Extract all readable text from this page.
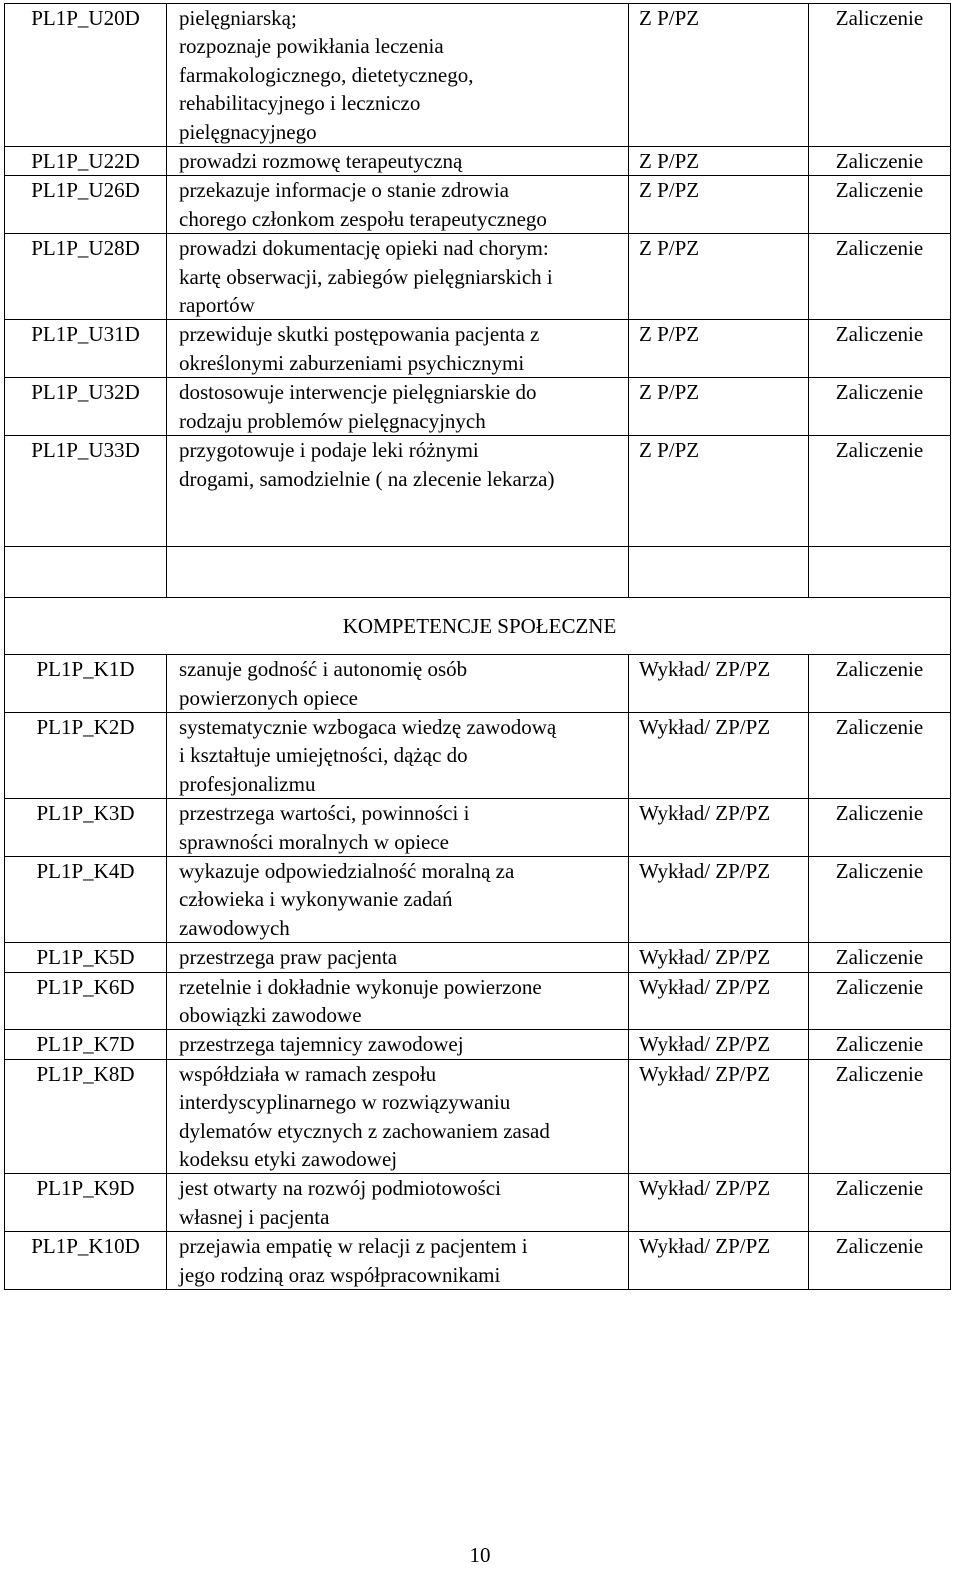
PL1P_U20D	pielęgniarską;
rozpoznaje powikłania leczenia
farmakologicznego, dietetycznego,
rehabilitacyjnego i leczniczo
pielęgnacyjnego	Z P/PZ	Zaliczenie
PL1P_U22D	prowadzi rozmowę terapeutyczną	Z P/PZ	Zaliczenie
PL1P_U26D	przekazuje informacje o stanie zdrowia
chorego członkom zespołu terapeutycznego	Z P/PZ	Zaliczenie
PL1P_U28D	prowadzi dokumentację opieki nad chorym:
kartę obserwacji, zabiegów pielęgniarskich i
raportów	Z P/PZ	Zaliczenie
PL1P_U31D	przewiduje skutki postępowania pacjenta z
określonymi zaburzeniami psychicznymi	Z P/PZ	Zaliczenie
PL1P_U32D	dostosowuje interwencje pielęgniarskie do
rodzaju problemów pielęgnacyjnych	Z P/PZ	Zaliczenie
PL1P_U33D	przygotowuje i podaje leki różnymi
drogami, samodzielnie ( na zlecenie lekarza)	Z P/PZ	Zaliczenie

KOMPETENCJE SPOŁECZNE			
PL1P_K1D	szanuje godność i autonomię osób
powierzonych opiece	Wykład/ ZP/PZ	Zaliczenie
PL1P_K2D	systematycznie wzbogaca wiedzę zawodową
i kształtuje umiejętności, dążąc do
profesjonalizmu	Wykład/ ZP/PZ	Zaliczenie
PL1P_K3D	przestrzega wartości, powinności i
sprawności moralnych w opiece	Wykład/ ZP/PZ	Zaliczenie
PL1P_K4D	wykazuje odpowiedzialność moralną za
człowieka i wykonywanie zadań
zawodowych	Wykład/ ZP/PZ	Zaliczenie
PL1P_K5D	przestrzega praw pacjenta	Wykład/ ZP/PZ	Zaliczenie
PL1P_K6D	rzetelnie i dokładnie wykonuje powierzone
obowiązki zawodowe	Wykład/ ZP/PZ	Zaliczenie
PL1P_K7D	przestrzega tajemnicy zawodowej	Wykład/ ZP/PZ	Zaliczenie
PL1P_K8D	współdziała w ramach zespołu
interdyscyplinarnego w rozwiązywaniu
dylematów etycznych z zachowaniem zasad
kodeksu etyki zawodowej	Wykład/ ZP/PZ	Zaliczenie
PL1P_K9D	jest otwarty na rozwój podmiotowości
własnej i pacjenta	Wykład/ ZP/PZ	Zaliczenie
PL1P_K10D	przejawia empatię w relacji z pacjentem i
jego rodziną oraz współpracownikami	Wykład/ ZP/PZ	Zaliczenie
10
